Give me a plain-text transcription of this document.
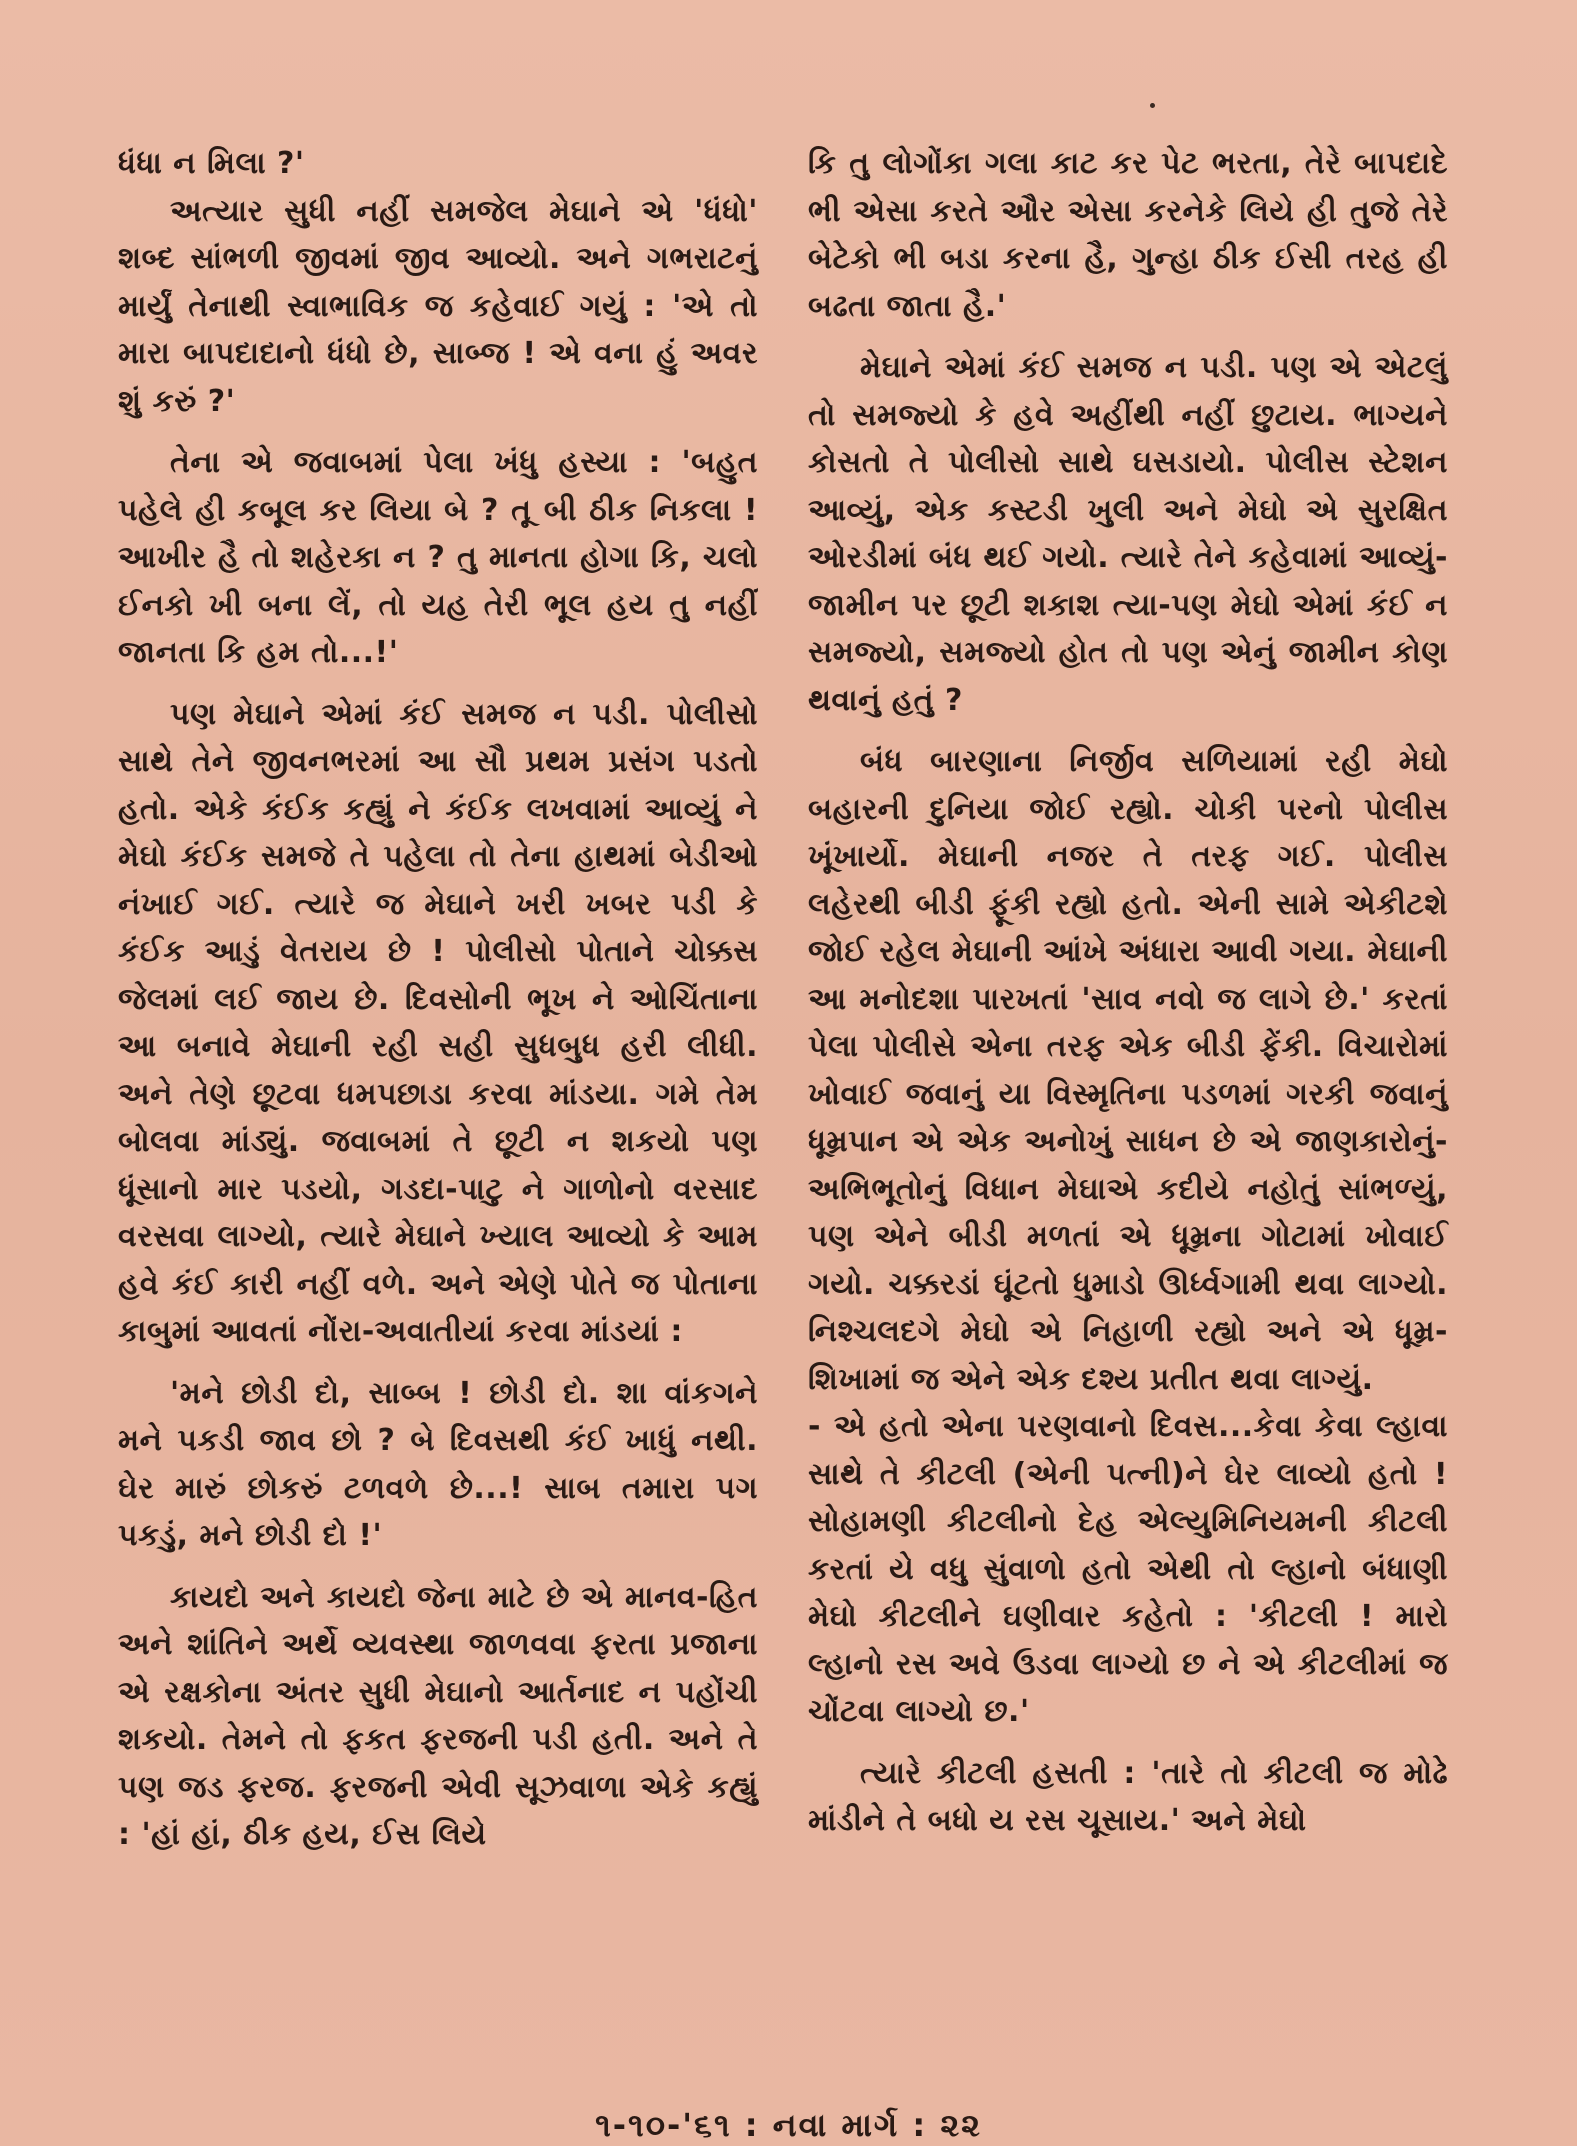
ધંધા ન મિલા ?'

અત્યાર સુધી નહીં સમજેલ મેઘાને એ 'ધંધો' શબ્દ સાંભળી જીવમાં જીવ આવ્યો. અને ગભરાટનું માર્યું તેનાથી સ્વાભાવિક જ કહેવાઈ ગયું : 'એ તો મારા બાપદાદાનો ધંધો છે, સાબ્જ ! એ વના હું અવર શું કરું ?'

તેના એ જવાબમાં પેલા ખંધુ હસ્યા : 'બહુત પહેલે હી કબૂલ કર લિયા બે ? તૂ બી ઠીક નિકલા ! આખીર હૈ તો શહેરકા ન ? તુ માનતા હોગા કિ, ચલો ઈનકો ખી બના લેં, તો યહ તેરી ભૂલ હય તુ નહીં જાનતા કિ હમ તો...!'

પણ મેઘાને એમાં કંઈ સમજ ન પડી. પોલીસો સાથે તેને જીવનભરમાં આ સૌ પ્રથમ પ્રસંગ પડતો હતો. એકે કંઈક કહ્યું ને કંઈક લખવામાં આવ્યું ને મેઘો કંઈક સમજે તે પહેલા તો તેના હાથમાં બેડીઓ નંખાઈ ગઈ. ત્યારે જ મેઘાને ખરી ખબર પડી કે કંઈક આડું વેતરાય છે ! પોલીસો પોતાને ચોક્કસ જેલમાં લઈ જાય છે. દિવસોની ભૂખ ને ઓચિંતાના આ બનાવે મેઘાની રહી સહી સુધબુધ હરી લીધી. અને તેણે છૂટવા ધમપછાડા કરવા માંડયા. ગમે તેમ બોલવા માંડ્યું. જવાબમાં તે છૂટી ન શકયો પણ ધૂંસાનો માર પડયો, ગડદા-પાટુ ને ગાળોનો વરસાદ વરસવા લાગ્યો, ત્યારે મેઘાને ખ્યાલ આવ્યો કે આમ હવે કંઈ કારી નહીં વળે. અને એણે પોતે જ પોતાના કાબુમાં આવતાં નોંરા-અવાતીયાં કરવા માંડયાં :

'મને છોડી દો, સાબ્બ ! છોડી દો. શા વાંકગને મને પકડી જાવ છો ? બે દિવસથી કંઈ ખાધું નથી. ઘેર મારું છોકરું ટળવળે છે...! સાબ તમારા પગ પકડું, મને છોડી દો !'

કાયદો અને કાયદો જેના માટે છે એ માનવ-હિત અને શાંતિને અર્થે વ્યવસ્થા જાળવવા ફરતા પ્રજાના એ રક્ષકોના અંતર સુધી મેઘાનો આર્તનાદ ન પહોંચી શકયો. તેમને તો ફકત ફરજની પડી હતી. અને તે પણ જડ ફરજ. ફરજની એવી સૂઝવાળા એકે કહ્યું : 'હાં હાં, ઠીક હય, ઈસ લિયે

કિ તુ લોગોંકા ગલા કાટ કર પેટ ભરતા, તેરે બાપદાદે ભી એસા કરતે ઔર એસા કરનેકે લિયે હી તુજે તેરે બેટેકો ભી બડા કરના હૈ, ગુન્હા ઠીક ઈસી તરહ હી બઢતા જાતા હૈ.'

મેઘાને એમાં કંઈ સમજ ન પડી. પણ એ એટલું તો સમજ્યો કે હવે અહીંથી નહીં છુટાય. ભાગ્યને કોસતો તે પોલીસો સાથે ઘસડાયો. પોલીસ સ્ટેશન આવ્યું, એક કસ્ટડી ખુલી અને મેઘો એ સુરક્ષિત ઓરડીમાં બંધ થઈ ગયો. ત્યારે તેને કહેવામાં આવ્યું-જામીન પર છૂટી શકાશ ત્યા-પણ મેઘો એમાં કંઈ ન સમજ્યો, સમજ્યો હોત તો પણ એનું જામીન કોણ થવાનું હતું ?

બંધ બારણાના નિર્જીવ સળિયામાં રહી મેઘો બહારની દુનિયા જોઈ રહ્યો. ચોકી પરનો પોલીસ ખૂંખાર્યો. મેઘાની નજર તે તરફ ગઈ. પોલીસ લહેરથી બીડી ફૂંકી રહ્યો હતો. એની સામે એકીટશે જોઈ રહેલ મેઘાની આંખે અંધારા આવી ગયા. મેઘાની આ મનોદશા પારખતાં 'સાવ નવો જ લાગે છે.' કરતાં પેલા પોલીસે એના તરફ એક બીડી ફેંકી. વિચારોમાં ખોવાઈ જવાનું યા વિસ્મૃતિના પડળમાં ગરકી જવાનું ધૂમ્રપાન એ એક અનોખું સાધન છે એ જાણકારોનું-અભિભૂતોનું વિધાન મેઘાએ કદીયે નહોતું સાંભળ્યું, પણ એને બીડી મળતાં એ ધૂમ્રના ગોટામાં ખોવાઈ ગયો. ચક્કરડાં ઘૂંટતો ધુમાડો ઊર્ધ્વગામી થવા લાગ્યો. નિશ્ચલદગે મેઘો એ નિહાળી રહ્યો અને એ ધૂમ્ર-શિખામાં જ એને એક દશ્ય પ્રતીત થવા લાગ્યું.

- એ હતો એના પરણવાનો દિવસ...કેવા કેવા લ્હાવા સાથે તે કીટલી (એની પત્ની)ને ઘેર લાવ્યો હતો ! સોહામણી કીટલીનો દેહ એલ્યુમિનિયમની કીટલી કરતાં યે વધુ સુંવાળો હતો એથી તો લ્હાનો બંધાણી મેઘો કીટલીને ઘણીવાર કહેતો : 'કીટલી ! મારો લ્હાનો રસ અવે ઉડવા લાગ્યો છ ને એ કીટલીમાં જ ચોંટવા લાગ્યો છ.'

ત્યારે કીટલી હસતી : 'તારે તો કીટલી જ મોઢે માંડીને તે બધો ય રસ ચૂસાય.' અને મેઘો

૧-૧૦-'૬૧ : નવા માર્ગ : ૨૨
